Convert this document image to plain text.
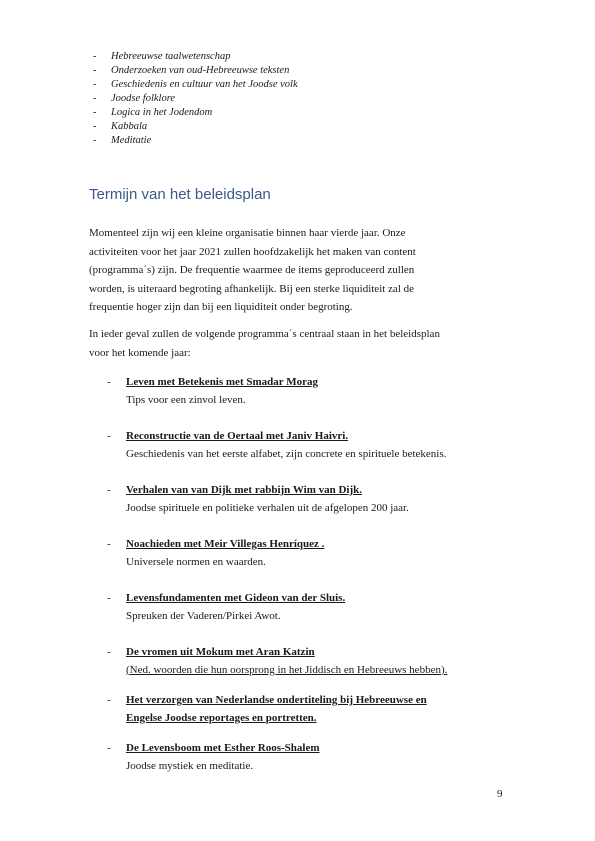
- Hebreeuwse taalwetenschap
- Onderzoeken van oud-Hebreeuwse teksten
- Geschiedenis en cultuur van het Joodse volk
- Joodse folklore
- Logica in het Jodendom
- Kabbala
- Meditatie
Termijn van het beleidsplan
Momenteel zijn wij een kleine organisatie binnen haar vierde jaar. Onze
activiteiten voor het jaar 2021 zullen hoofdzakelijk het maken van content
(programma´s) zijn. De frequentie waarmee de items geproduceerd zullen
worden, is uiteraard begroting afhankelijk. Bij een sterke liquiditeit zal de
frequentie hoger zijn dan bij een liquiditeit onder begroting.
In ieder geval zullen de volgende programma´s centraal staan in het beleidsplan
voor het komende jaar:
- Leven met Betekenis met Smadar Morag
Tips voor een zinvol leven.
- Reconstructie van de Oertaal met Janiv Haivri.
Geschiedenis van het eerste alfabet, zijn concrete en spirituele betekenis.
- Verhalen van van Dijk met rabbijn Wim van Dijk.
Joodse spirituele en politieke verhalen uit de afgelopen 200 jaar.
- Noachieden met Meir Villegas Henríquez .
Universele normen en waarden.
- Levensfundamenten met Gideon van der Sluis.
Spreuken der Vaderen/Pirkei Awot.
- De vromen uit Mokum met Aran Katzin
(Ned. woorden die hun oorsprong in het Jiddisch en Hebreeuws hebben).
- Het verzorgen van Nederlandse ondertiteling bij Hebreeuwse en
Engelse Joodse reportages en portretten.
- De Levensboom met Esther Roos-Shalem
Joodse mystiek en meditatie.
9
